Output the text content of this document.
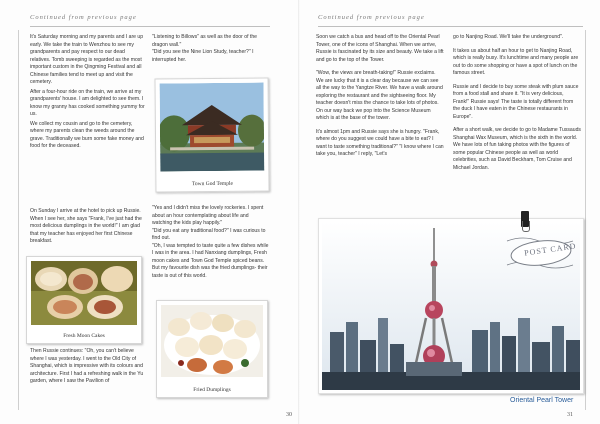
Continued from previous page

It's Saturday morning and my parents and I are up early. We take the train to Wenzhou to see my grandparents and pay respect to our dead relatives. Tomb sweeping is regarded as the most important custom in the Qingming Festival and all Chinese families tend to meet up and visit the cemetery.

After a four-hour ride on the train, we arrive at my grandparents' house. I am delighted to see them. I know my granny has cooked something yummy for us.

We collect my cousin and go to the cemetery, where my parents clean the weeds around the grave. Traditionally we burn some fake money and food for the deceased.

On Sunday I arrive at the hotel to pick up Russie. When I see her, she says "Frank, I've just had the most delicious dumplings in the world!" I am glad that my teacher has enjoyed her first Chinese breakfast.

Then Russie continues: "Oh, you can't believe where I was yesterday. I went to the Old City of Shanghai, which is impressive with its colours and architecture. First I had a refreshing walk in the Yu garden, where I saw the Pavilion of

"Listening to Billows" as well as the door of the dragon wall."

"Did you see the Nine Lion Study, teacher?" I interrupted her.

"Yes and I didn't miss the lovely rockeries. I spent about an hour contemplating about life and watching the kids play happily."

"Did you eat any traditional food?" I was curious to find out.

"Oh, I was tempted to taste quite a few dishes while I was in the area. I had Nanxiang dumplings, Fresh moon cakes and Town God Temple spiced beans. But my favourite dish was the fried dumplings- their taste is out of this world.

Town God Temple
Fresh Moon Cakes
Fried Dumplings
30
Continued from previous page

Soon we catch a bus and head off to the Oriental Pearl Tower, one of the icons of Shanghai. When we arrive, Russie is fascinated by its size and beauty. We take a lift and go to the top of the Tower.

"Wow, the views are breath-taking!" Russie exclaims. We are lucky that it is a clear day because we can see all the way to the Yangtze River. We have a walk around exploring the restaurant and the sightseeing floor. My teacher doesn't miss the chance to take lots of photos. On our way back we pop into the Science Museum which is at the base of the tower.

It's almost 1pm and Russie says she is hungry. "Frank, where do you suggest we could have a bite to eat? I want to taste something traditional?" "I know where I can take you, teacher" I reply, "Let's

go to Nanjing Road. We'll take the underground".

It takes us about half an hour to get to Nanjing Road, which is really busy. It's lunchtime and many people are out to do some shopping or have a spot of lunch on the famous street.

Russie and I decide to buy some steak with plum sauce from a food stall and share it. "It is very delicious, Frank!" Russie says! The taste is totally different from the duck I have eaten in the Chinese restaurants in Europe".

After a short walk, we decide to go to Madame Tussauds Shanghai Wax Museum, which is the sixth in the world. We have lots of fun taking photos with the figures of some popular Chinese people as well as world celebrities, such as David Beckham, Tom Cruise and Michael Jordan.

POST CARD
Oriental Pearl Tower
31
